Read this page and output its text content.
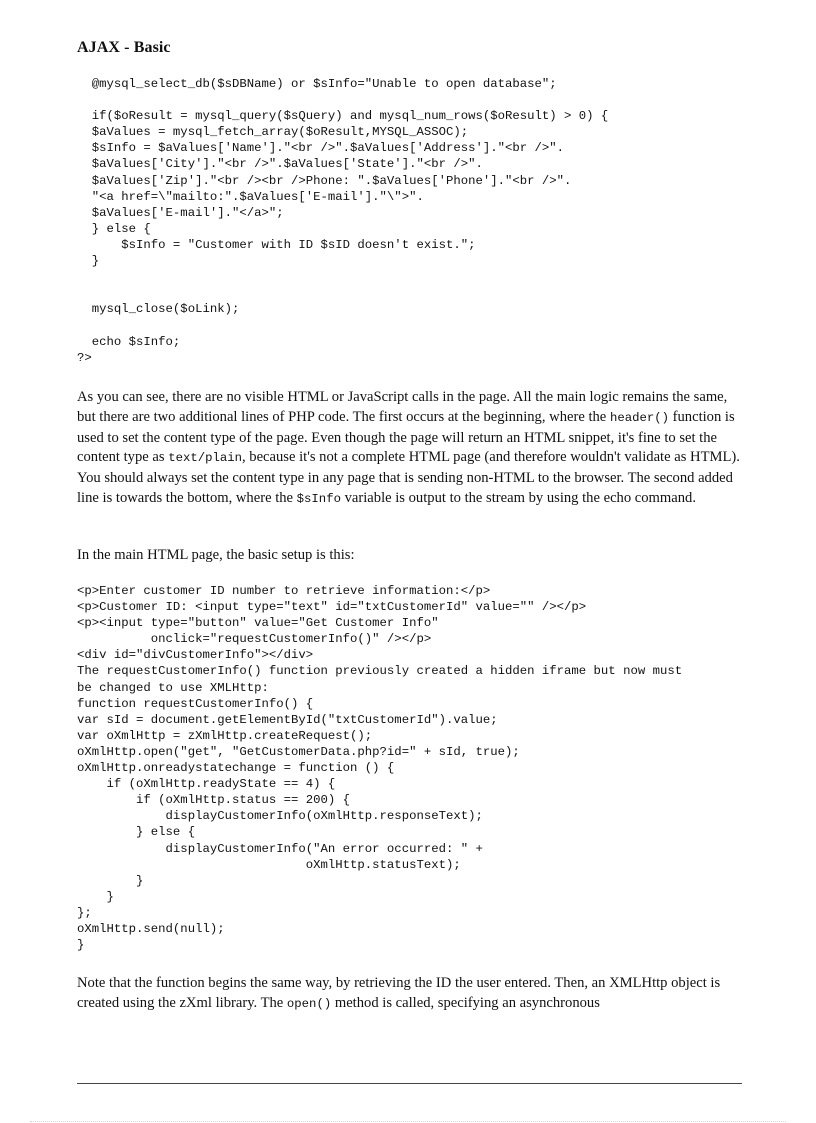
AJAX - Basic
@mysql_select_db($sDBName) or $sInfo="Unable to open database";

if($oResult = mysql_query($sQuery) and mysql_num_rows($oResult) > 0) {
$aValues = mysql_fetch_array($oResult,MYSQL_ASSOC);
$sInfo = $aValues['Name']."<br />".$aValues['Address']."<br />".
$aValues['City']."<br />".$aValues['State']."<br />".
$aValues['Zip']."<br /><br />Phone: ".$aValues['Phone']."<br />".
"<a href=\"mailto:".$aValues['E-mail']."\">".
$aValues['E-mail']."</a>";
} else {
$sInfo = "Customer with ID $sID doesn't exist.";
}

mysql_close($oLink);

echo $sInfo;
?>

As you can see, there are no visible HTML or JavaScript calls in the page. All the main logic remains the same, but there are two additional lines of PHP code. The first occurs at the beginning, where the header() function is used to set the content type of the page. Even though the page will return an HTML snippet, it's fine to set the content type as text/plain, because it's not a complete HTML page (and therefore wouldn't validate as HTML). You should always set the content type in any page that is sending non-HTML to the browser. The second added line is towards the bottom, where the $sInfo variable is output to the stream by using the echo command.

In the main HTML page, the basic setup is this:

<p>Enter customer ID number to retrieve information:</p>
<p>Customer ID: <input type="text" id="txtCustomerId" value="" /></p>
<p><input type="button" value="Get Customer Info"
onclick="requestCustomerInfo()" /></p>
<div id="divCustomerInfo"></div>
The requestCustomerInfo() function previously created a hidden iframe but now must
be changed to use XMLHttp:
function requestCustomerInfo() {
var sId = document.getElementById("txtCustomerId").value;
var oXmlHttp = zXmlHttp.createRequest();
oXmlHttp.open("get", "GetCustomerData.php?id=" + sId, true);
oXmlHttp.onreadystatechange = function () {
if (oXmlHttp.readyState == 4) {
if (oXmlHttp.status == 200) {
displayCustomerInfo(oXmlHttp.responseText);
} else {
displayCustomerInfo("An error occurred: " +
oXmlHttp.statusText);
}
}
};
oXmlHttp.send(null);
}

Note that the function begins the same way, by retrieving the ID the user entered. Then, an XMLHttp object is created using the zXml library. The open() method is called, specifying an asynchronous
